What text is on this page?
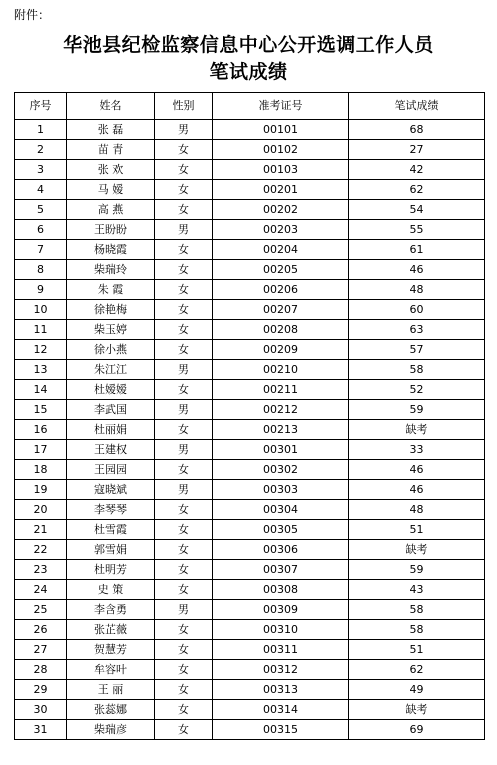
附件：
华池县纪检监察信息中心公开选调工作人员
笔试成绩
序号	姓名	性别	准考证号	笔试成绩
1	张 磊	男	00101	68
2	苗 青	女	00102	27
3	张 欢	女	00103	42
4	马 嫒	女	00201	62
5	高 燕	女	00202	54
6	王盼盼	男	00203	55
7	杨晓霞	女	00204	61
8	柴瑞玲	女	00205	46
9	朱 霞	女	00206	48
10	徐艳梅	女	00207	60
11	柴玉婷	女	00208	63
12	徐小燕	女	00209	57
13	朱江江	男	00210	58
14	杜嫒嫒	女	00211	52
15	李武国	男	00212	59
16	杜丽娟	女	00213	缺考
17	王建权	男	00301	33
18	王园园	女	00302	46
19	寇晓斌	男	00303	46
20	李琴琴	女	00304	48
21	杜雪霞	女	00305	51
22	郭雪娟	女	00306	缺考
23	杜明芳	女	00307	59
24	史 策	女	00308	43
25	李含勇	男	00309	58
26	张芷薇	女	00310	58
27	贺慧芳	女	00311	51
28	牟容叶	女	00312	62
29	王 丽	女	00313	49
30	张蕊娜	女	00314	缺考
31	柴瑞彦	女	00315	69
